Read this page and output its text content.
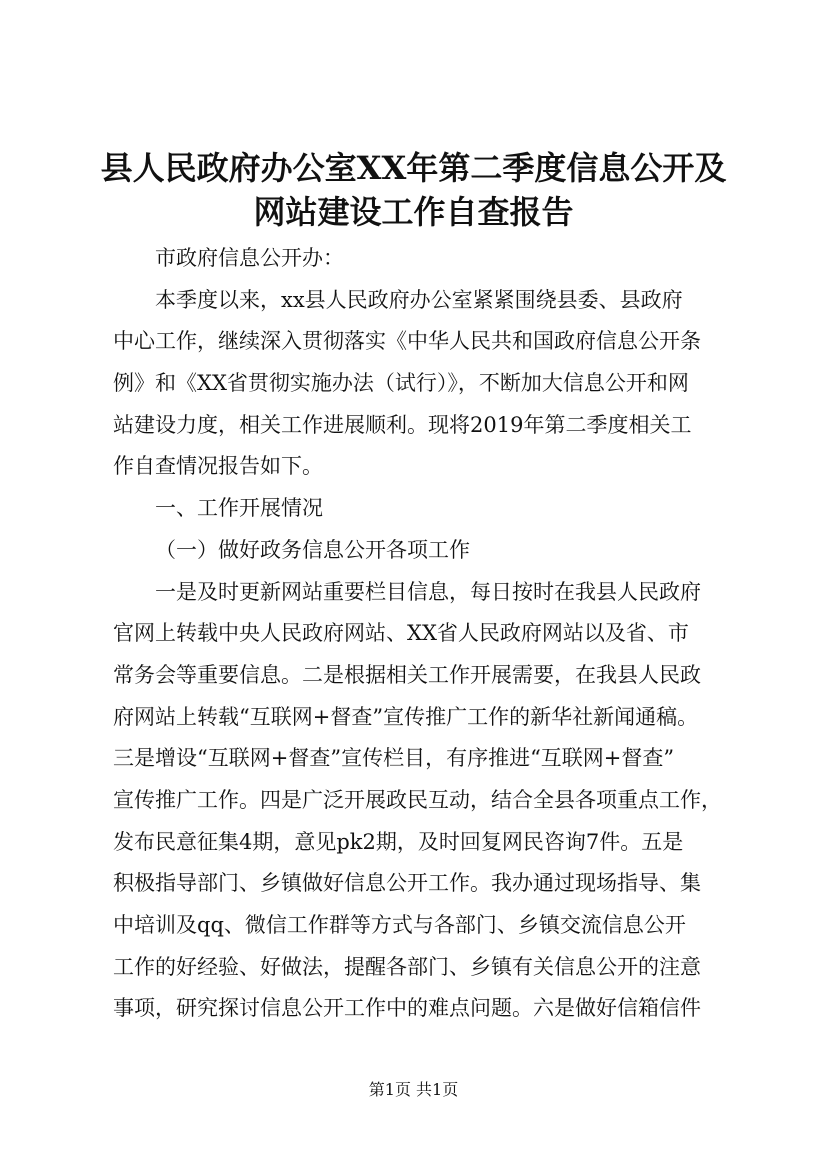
县人民政府办公室XX年第二季度信息公开及
网站建设工作自查报告
市政府信息公开办：
本季度以来，xx县人民政府办公室紧紧围绕县委、县政府
中心工作，继续深入贯彻落实《中华人民共和国政府信息公开条
例》和《XX省贯彻实施办法（试行）》，不断加大信息公开和网
站建设力度，相关工作进展顺利。现将2019年第二季度相关工
作自查情况报告如下。
一、工作开展情况
（一）做好政务信息公开各项工作
一是及时更新网站重要栏目信息，每日按时在我县人民政府
官网上转载中央人民政府网站、XX省人民政府网站以及省、市
常务会等重要信息。二是根据相关工作开展需要，在我县人民政
府网站上转载“互联网+督查”宣传推广工作的新华社新闻通稿。
三是增设“互联网+督查”宣传栏目，有序推进“互联网+督查”
宣传推广工作。四是广泛开展政民互动，结合全县各项重点工作，
发布民意征集4期，意见pk2期，及时回复网民咨询7件。五是
积极指导部门、乡镇做好信息公开工作。我办通过现场指导、集
中培训及qq、微信工作群等方式与各部门、乡镇交流信息公开
工作的好经验、好做法，提醒各部门、乡镇有关信息公开的注意
事项，研究探讨信息公开工作中的难点问题。六是做好信箱信件
第1页 共1页
